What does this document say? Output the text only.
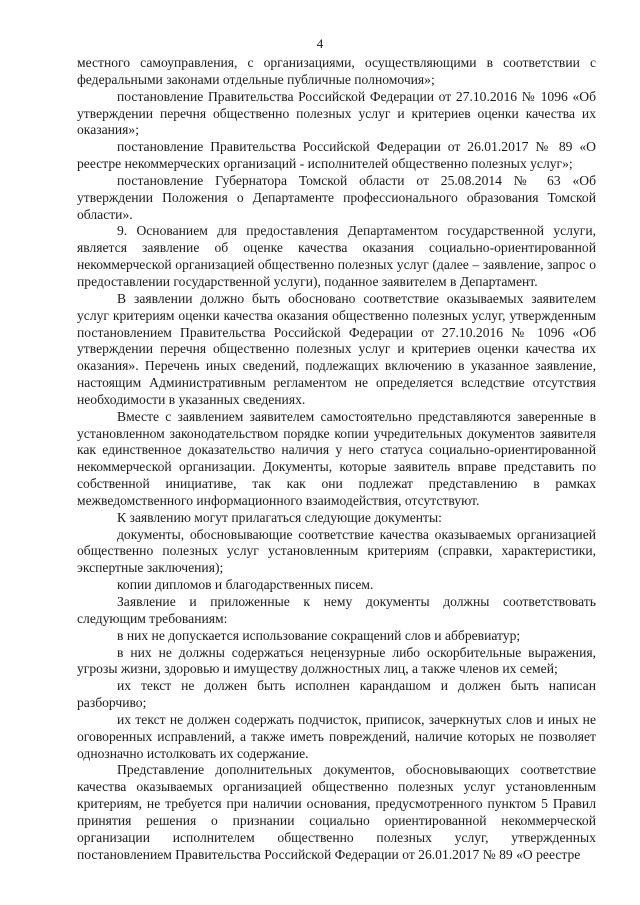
4

местного самоуправления, с организациями, осуществляющими в соответствии с федеральными законами отдельные публичные полномочия»;

постановление Правительства Российской Федерации от 27.10.2016 № 1096 «Об утверждении перечня общественно полезных услуг и критериев оценки качества их оказания»;

постановление Правительства Российской Федерации от 26.01.2017 № 89 «О реестре некоммерческих организаций - исполнителей общественно полезных услуг»;

постановление Губернатора Томской области от 25.08.2014 № 63 «Об утверждении Положения о Департаменте профессионального образования Томской области».

9. Основанием для предоставления Департаментом государственной услуги, является заявление об оценке качества оказания социально-ориентированной некоммерческой организацией общественно полезных услуг (далее – заявление, запрос о предоставлении государственной услуги), поданное заявителем в Департамент.

В заявлении должно быть обосновано соответствие оказываемых заявителем услуг критериям оценки качества оказания общественно полезных услуг, утвержденным постановлением Правительства Российской Федерации от 27.10.2016 № 1096 «Об утверждении перечня общественно полезных услуг и критериев оценки качества их оказания». Перечень иных сведений, подлежащих включению в указанное заявление, настоящим Административным регламентом не определяется вследствие отсутствия необходимости в указанных сведениях.

Вместе с заявлением заявителем самостоятельно представляются заверенные в установленном законодательством порядке копии учредительных документов заявителя как единственное доказательство наличия у него статуса социально-ориентированной некоммерческой организации. Документы, которые заявитель вправе представить по собственной инициативе, так как они подлежат представлению в рамках межведомственного информационного взаимодействия, отсутствуют.

К заявлению могут прилагаться следующие документы:

документы, обосновывающие соответствие качества оказываемых организацией общественно полезных услуг установленным критериям (справки, характеристики, экспертные заключения);

копии дипломов и благодарственных писем.

Заявление и приложенные к нему документы должны соответствовать следующим требованиям:

в них не допускается использование сокращений слов и аббревиатур;

в них не должны содержаться нецензурные либо оскорбительные выражения, угрозы жизни, здоровью и имуществу должностных лиц, а также членов их семей;

их текст не должен быть исполнен карандашом и должен быть написан разборчиво;

их текст не должен содержать подчисток, приписок, зачеркнутых слов и иных не оговоренных исправлений, а также иметь повреждений, наличие которых не позволяет однозначно истолковать их содержание.

Представление дополнительных документов, обосновывающих соответствие качества оказываемых организацией общественно полезных услуг установленным критериям, не требуется при наличии основания, предусмотренного пунктом 5 Правил принятия решения о признании социально ориентированной некоммерческой организации исполнителем общественно полезных услуг, утвержденных постановлением Правительства Российской Федерации от 26.01.2017 № 89 «О реестре
